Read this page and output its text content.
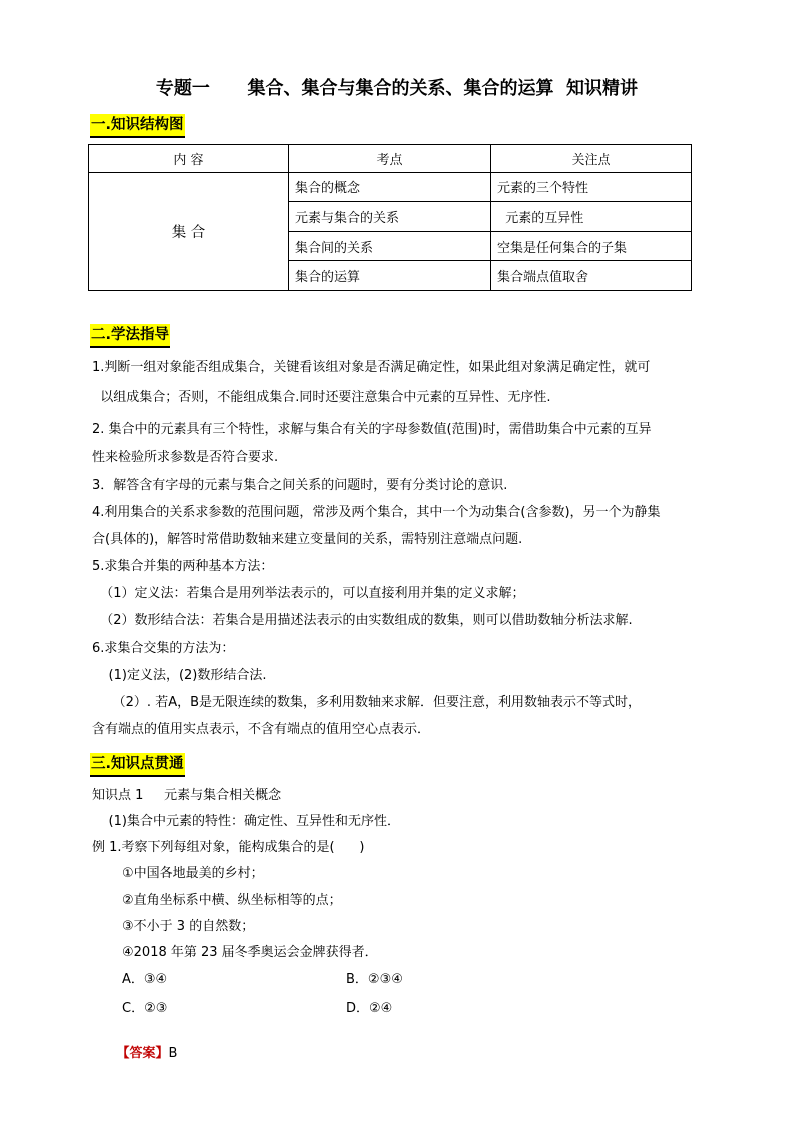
专题一      集合、集合与集合的关系、集合的运算  知识精讲
一.知识结构图
内 容	考点	关注点
集 合	集合的概念	元素的三个特性
	元素与集合的关系	元素的互异性
	集合间的关系	空集是任何集合的子集
	集合的运算	集合端点值取舍
二.学法指导
1.判断一组对象能否组成集合，关键看该组对象是否满足确定性，如果此组对象满足确定性，就可
以组成集合；否则，不能组成集合.同时还要注意集合中元素的互异性、无序性.
2. 集合中的元素具有三个特性，求解与集合有关的字母参数值(范围)时，需借助集合中元素的互异
性来检验所求参数是否符合要求.
3．解答含有字母的元素与集合之间关系的问题时，要有分类讨论的意识.
4.利用集合的关系求参数的范围问题，常涉及两个集合，其中一个为动集合(含参数)，另一个为静集
合(具体的)，解答时常借助数轴来建立变量间的关系，需特别注意端点问题.
5.求集合并集的两种基本方法：
（1）定义法：若集合是用列举法表示的，可以直接利用并集的定义求解；
（2）数形结合法：若集合是用描述法表示的由实数组成的数集，则可以借助数轴分析法求解.
6.求集合交集的方法为：
(1)定义法，(2)数形结合法.
（2）. 若A，B是无限连续的数集，多利用数轴来求解．但要注意，利用数轴表示不等式时，
含有端点的值用实点表示，不含有端点的值用空心点表示．
三.知识点贯通
知识点 1     元素与集合相关概念
(1)集合中元素的特性：确定性、互异性和无序性．
例 1.考察下列每组对象，能构成集合的是(      )
①中国各地最美的乡村；
②直角坐标系中横、纵坐标相等的点；
③不小于 3 的自然数；
④2018 年第 23 届冬季奥运会金牌获得者．
A．③④	B．②③④
C．②③	D．②④

【答案】B
